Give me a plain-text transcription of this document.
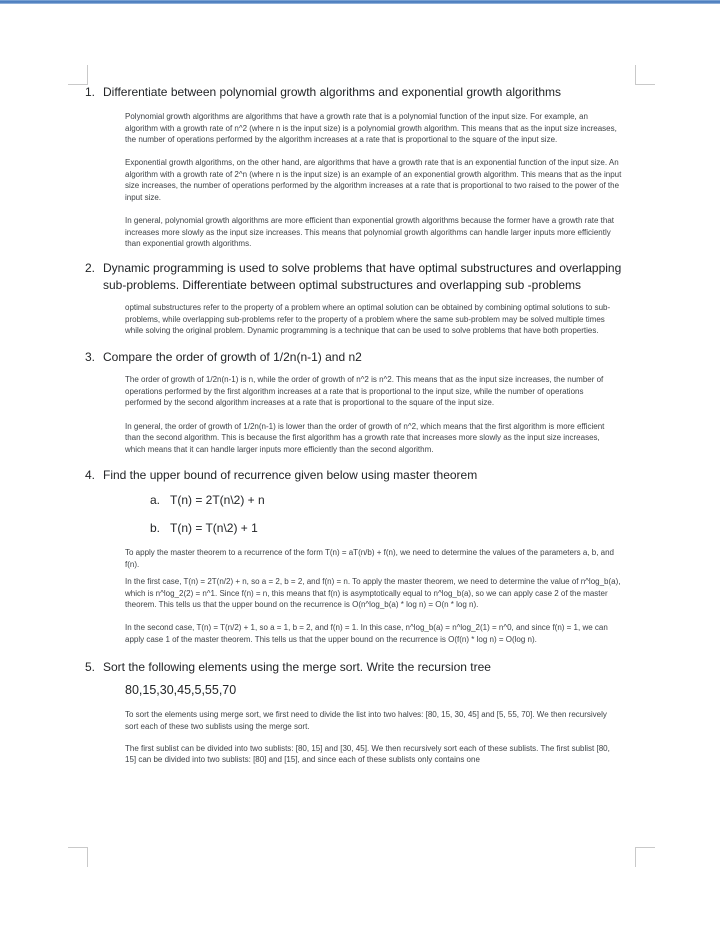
1. Differentiate between polynomial growth algorithms and exponential growth algorithms

Polynomial growth algorithms are algorithms that have a growth rate that is a polynomial function of the input size. For example, an algorithm with a growth rate of n^2 (where n is the input size) is a polynomial growth algorithm. This means that as the input size increases, the number of operations performed by the algorithm increases at a rate that is proportional to the square of the input size.

Exponential growth algorithms, on the other hand, are algorithms that have a growth rate that is an exponential function of the input size. An algorithm with a growth rate of 2^n (where n is the input size) is an example of an exponential growth algorithm. This means that as the input size increases, the number of operations performed by the algorithm increases at a rate that is proportional to two raised to the power of the input size.

In general, polynomial growth algorithms are more efficient than exponential growth algorithms because the former have a growth rate that increases more slowly as the input size increases. This means that polynomial growth algorithms can handle larger inputs more efficiently than exponential growth algorithms.

2. Dynamic programming is used to solve problems that have optimal substructures and overlapping sub-problems. Differentiate between optimal substructures and overlapping sub -problems

optimal substructures refer to the property of a problem where an optimal solution can be obtained by combining optimal solutions to sub-problems, while overlapping sub-problems refer to the property of a problem where the same sub-problem may be solved multiple times while solving the original problem. Dynamic programming is a technique that can be used to solve problems that have both properties.

3. Compare the order of growth of 1/2n(n-1) and n2

The order of growth of 1/2n(n-1) is n, while the order of growth of n^2 is n^2. This means that as the input size increases, the number of operations performed by the first algorithm increases at a rate that is proportional to the input size, while the number of operations performed by the second algorithm increases at a rate that is proportional to the square of the input size.

In general, the order of growth of 1/2n(n-1) is lower than the order of growth of n^2, which means that the first algorithm is more efficient than the second algorithm. This is because the first algorithm has a growth rate that increases more slowly as the input size increases, which means that it can handle larger inputs more efficiently than the second algorithm.

4. Find the upper bound of recurrence given below using master theorem
a. T(n) = 2T(n\2) + n
b. T(n) = T(n\2) + 1

To apply the master theorem to a recurrence of the form T(n) = aT(n/b) + f(n), we need to determine the values of the parameters a, b, and f(n).

In the first case, T(n) = 2T(n/2) + n, so a = 2, b = 2, and f(n) = n. To apply the master theorem, we need to determine the value of n^log_b(a), which is n^log_2(2) = n^1. Since f(n) = n, this means that f(n) is asymptotically equal to n^log_b(a), so we can apply case 2 of the master theorem. This tells us that the upper bound on the recurrence is O(n^log_b(a) * log n) = O(n * log n).

In the second case, T(n) = T(n/2) + 1, so a = 1, b = 2, and f(n) = 1. In this case, n^log_b(a) = n^log_2(1) = n^0, and since f(n) = 1, we can apply case 1 of the master theorem. This tells us that the upper bound on the recurrence is O(f(n) * log n) = O(log n).

5. Sort the following elements using the merge sort. Write the recursion tree
80,15,30,45,5,55,70

To sort the elements using merge sort, we first need to divide the list into two halves: [80, 15, 30, 45] and [5, 55, 70]. We then recursively sort each of these two sublists using the merge sort.

The first sublist can be divided into two sublists: [80, 15] and [30, 45]. We then recursively sort each of these sublists. The first sublist [80, 15] can be divided into two sublists: [80] and [15], and since each of these sublists only contains one
